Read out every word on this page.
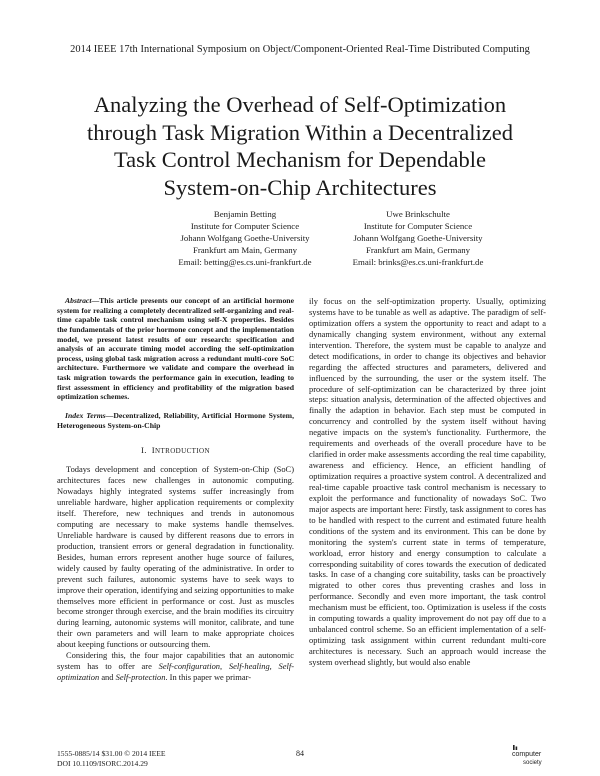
2014 IEEE 17th International Symposium on Object/Component-Oriented Real-Time Distributed Computing
Analyzing the Overhead of Self-Optimization
through Task Migration Within a Decentralized
Task Control Mechanism for Dependable
System-on-Chip Architectures
Benjamin Betting
Institute for Computer Science
Johann Wolfgang Goethe-University
Frankfurt am Main, Germany
Email: betting@es.cs.uni-frankfurt.de
Uwe Brinkschulte
Institute for Computer Science
Johann Wolfgang Goethe-University
Frankfurt am Main, Germany
Email: brinks@es.cs.uni-frankfurt.de

Abstract—This article presents our concept of an artificial hormone system for realizing a completely decentralized self-organizing and real-time capable task control mechanism using self-X properties. Besides the fundamentals of the prior hormone concept and the implementation model, we present latest results of our research: specification and analysis of an accurate timing model according the self-optimization process, using global task migration across a redundant multi-core SoC architecture. Furthermore we validate and compare the overhead in task migration towards the performance gain in execution, leading to first assessment in efficiency and profitability of the migration based optimization schemes.

Index Terms—Decentralized, Reliability, Artificial Hormone System, Heterogeneous System-on-Chip

I. INTRODUCTION

Todays development and conception of System-on-Chip (SoC) architectures faces new challenges in autonomic computing. Nowadays highly integrated systems suffer increasingly from unreliable hardware, higher application requirements or complexity itself. Therefore, new techniques and trends in autonomous computing are necessary to make systems handle themselves. Unreliable hardware is caused by different reasons due to errors in production, transient errors or general degradation in functionality. Besides, human errors represent another huge source of failures, widely caused by faulty operating of the administrative. In order to prevent such failures, autonomic systems have to seek ways to improve their operation, identifying and seizing opportunities to make themselves more efficient in performance or cost. Just as muscles become stronger through exercise, and the brain modifies its circuitry during learning, autonomic systems will monitor, calibrate, and tune their own parameters and will learn to make appropriate choices about keeping functions or outsourcing them.

Considering this, the four major capabilities that an autonomic system has to offer are Self-configuration, Self-healing, Self-optimization and Self-protection. In this paper we primar-

ily focus on the self-optimization property. Usually, optimizing systems have to be tunable as well as adaptive. The paradigm of self-optimization offers a system the opportunity to react and adapt to a dynamically changing system environment, without any external intervention. Therefore, the system must be capable to analyze and detect modifications, in order to change its objectives and behavior regarding the affected structures and parameters, delivered and influenced by the surrounding, the user or the system itself. The procedure of self-optimization can be characterized by three joint steps: situation analysis, determination of the affected objectives and finally the adaption in behavior. Each step must be computed in concurrency and controlled by the system itself without having negative impacts on the system's functionality. Furthermore, the requirements and overheads of the overall procedure have to be clarified in order make assessments according the real time capability, awareness and efficiency. Hence, an efficient handling of optimization requires a proactive system control. A decentralized and real-time capable proactive task control mechanism is necessary to exploit the performance and functionality of nowadays SoC. Two major aspects are important here: Firstly, task assignment to cores has to be handled with respect to the current and estimated future health conditions of the system and its environment. This can be done by monitoring the system's current state in terms of temperature, workload, error history and energy consumption to calculate a corresponding suitability of cores towards the execution of dedicated tasks. In case of a changing core suitability, tasks can be proactively migrated to other cores thus preventing crashes and loss in performance. Secondly and even more important, the task control mechanism must be efficient, too. Optimization is useless if the costs in computing towards a quality improvement do not pay off due to a unbalanced control scheme. So an efficient implementation of a self-optimizing task assignment within current redundant multi-core architectures is necessary. Such an approach would increase the system overhead slightly, but would also enable

1555-0885/14 $31.00 © 2014 IEEE
DOI 10.1109/ISORC.2014.29
84	computer
society
